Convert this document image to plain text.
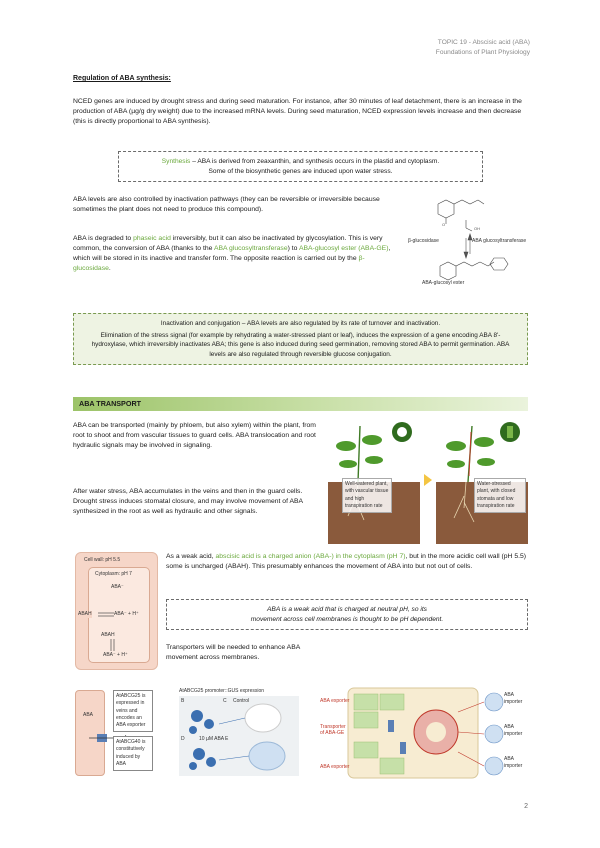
TOPIC 19 - Abscisic acid (ABA)
Foundations of Plant Physiology
Regulation of ABA synthesis:
NCED genes are induced by drought stress and during seed maturation. For instance, after 30 minutes of leaf detachment, there is an increase in the production of ABA (µg/g dry weight) due to the increased mRNA levels. During seed maturation, NCED expression levels increase and then decrease (this is directly proportional to ABA synthesis).
Synthesis – ABA is derived from zeaxanthin, and synthesis occurs in the plastid and cytoplasm.
Some of the biosynthetic genes are induced upon water stress.
ABA levels are also controlled by inactivation pathways (they can be reversible or irreversible because sometimes the plant does not need to produce this compound).
ABA is degraded to phaseic acid irreversibly, but it can also be inactivated by glycosylation. This is very common, the conversion of ABA (thanks to the ABA glucosyltransferase) to ABA-glucosyl ester (ABA-GE), which will be stored in its inactive and transfer form. The opposite reaction is carried out by the β-glucosidase.
OH
O
β-glucosidase	ABA glucosyltransferase
ABA-glucosyl ester
Inactivation and conjugation – ABA levels are also regulated by its rate of turnover and inactivation.
Elimination of the stress signal (for example by rehydrating a water-stressed plant or leaf), induces the expression of a gene encoding ABA 8'-hydroxylase, which irreversibly inactivates ABA; this gene is also induced during seed germination, removing stored ABA to permit germination. ABA levels are also regulated through reversible glucose conjugation.
ABA TRANSPORT
ABA can be transported (mainly by phloem, but also xylem) within the plant, from root to shoot and from vascular tissues to guard cells. ABA translocation and root hydraulic signals may be involved in signaling.
After water stress, ABA accumulates in the veins and then in the guard cells. Drought stress induces stomatal closure, and may involve movement of ABA synthesized in the root as well as hydraulic and other signals.
Well-watered plant, with vascular tissue and high transpiration rate
Water-stressed plant, with closed stomata and low transpiration rate
Cell wall: pH 5.5
Cytoplasm: pH 7
ABA⁻
ABAH
ABA⁻ + H⁺
ABAH	ABA⁻ + H⁺
As a weak acid, abscisic acid is a charged anion (ABA-) in the cytoplasm (pH 7), but in the more acidic cell wall (pH 5.5) some is uncharged (ABAH). This presumably enhances the movement of ABA into but not out of cells.
ABA is a weak acid that is charged at neutral pH, so its
movement across cell membranes is thought to be pH dependent.
Transporters will be needed to enhance ABA movement across membranes.
ABA
AtABCG25 is expressed in veins and encodes an ABA exporter
AtABCG40 is constitutively induced by ABA
AtABCG25 promoter::GUS expression
B	C
D	E
Control
10 µM ABA
ABA exporter
Transporter of ABA-GE
ABA exporter
ABA importer
ABA importer
ABA importer
2
